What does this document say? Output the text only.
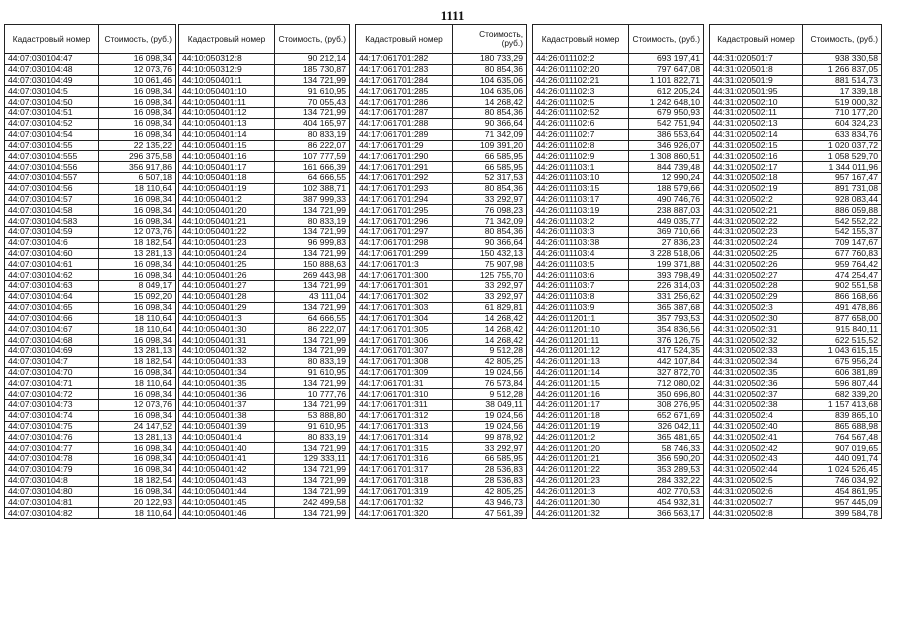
1111
Кадастровый номер	Стоимость, (руб.)
44:07:030104:47	16 098,34
44:07:030104:48	12 073,76
44:07:030104:49	10 061,46
44:07:030104:5	16 098,34
44:07:030104:50	16 098,34
44:07:030104:51	16 098,34
44:07:030104:52	16 098,34
44:07:030104:54	16 098,34
44:07:030104:55	22 135,22
44:07:030104:555	296 375,58
44:07:030104:556	356 917,86
44:07:030104:557	6 507,18
44:07:030104:56	18 110,64
44:07:030104:57	16 098,34
44:07:030104:58	16 098,34
44:07:030104:583	16 098,34
44:07:030104:59	12 073,76
44:07:030104:6	18 182,54
44:07:030104:60	13 281,13
44:07:030104:61	16 098,34
44:07:030104:62	16 098,34
44:07:030104:63	8 049,17
44:07:030104:64	15 092,20
44:07:030104:65	16 098,34
44:07:030104:66	18 110,64
44:07:030104:67	18 110,64
44:07:030104:68	16 098,34
44:07:030104:69	13 281,13
44:07:030104:7	18 182,54
44:07:030104:70	16 098,34
44:07:030104:71	18 110,64
44:07:030104:72	16 098,34
44:07:030104:73	12 073,76
44:07:030104:74	16 098,34
44:07:030104:75	24 147,52
44:07:030104:76	13 281,13
44:07:030104:77	16 098,34
44:07:030104:78	16 098,34
44:07:030104:79	16 098,34
44:07:030104:8	18 182,54
44:07:030104:80	16 098,34
44:07:030104:81	20 122,93
44:07:030104:82	18 110,64
Кадастровый номер	Стоимость, (руб.)
44:10:050312:8	90 212,14
44:10:050312:9	185 730,87
44:10:050401:1	134 721,99
44:10:050401:10	91 610,95
44:10:050401:11	70 055,43
44:10:050401:12	134 721,99
44:10:050401:13	404 165,97
44:10:050401:14	80 833,19
44:10:050401:15	86 222,07
44:10:050401:16	107 777,59
44:10:050401:17	161 666,39
44:10:050401:18	64 666,55
44:10:050401:19	102 388,71
44:10:050401:2	387 999,33
44:10:050401:20	134 721,99
44:10:050401:21	80 833,19
44:10:050401:22	134 721,99
44:10:050401:23	96 999,83
44:10:050401:24	134 721,99
44:10:050401:25	150 888,63
44:10:050401:26	269 443,98
44:10:050401:27	134 721,99
44:10:050401:28	43 111,04
44:10:050401:29	134 721,99
44:10:050401:3	64 666,55
44:10:050401:30	86 222,07
44:10:050401:31	134 721,99
44:10:050401:32	134 721,99
44:10:050401:33	80 833,19
44:10:050401:34	91 610,95
44:10:050401:35	134 721,99
44:10:050401:36	10 777,76
44:10:050401:37	134 721,99
44:10:050401:38	53 888,80
44:10:050401:39	91 610,95
44:10:050401:4	80 833,19
44:10:050401:40	134 721,99
44:10:050401:41	129 333,11
44:10:050401:42	134 721,99
44:10:050401:43	134 721,99
44:10:050401:44	134 721,99
44:10:050401:45	242 499,58
44:10:050401:46	134 721,99
Кадастровый номер	Стоимость, (руб.)
44:17:061701:282	180 733,29
44:17:061701:283	80 854,36
44:17:061701:284	104 635,06
44:17:061701:285	104 635,06
44:17:061701:286	14 268,42
44:17:061701:287	80 854,36
44:17:061701:288	90 366,64
44:17:061701:289	71 342,09
44:17:061701:29	109 391,20
44:17:061701:290	66 585,95
44:17:061701:291	66 585,95
44:17:061701:292	52 317,53
44:17:061701:293	80 854,36
44:17:061701:294	33 292,97
44:17:061701:295	76 098,23
44:17:061701:296	71 342,09
44:17:061701:297	80 854,36
44:17:061701:298	90 366,64
44:17:061701:299	150 432,13
44:17:061701:3	75 907,98
44:17:061701:300	125 755,70
44:17:061701:301	33 292,97
44:17:061701:302	33 292,97
44:17:061701:303	61 829,81
44:17:061701:304	14 268,42
44:17:061701:305	14 268,42
44:17:061701:306	14 268,42
44:17:061701:307	9 512,28
44:17:061701:308	42 805,25
44:17:061701:309	19 024,56
44:17:061701:31	76 573,84
44:17:061701:310	9 512,28
44:17:061701:311	38 049,11
44:17:061701:312	19 024,56
44:17:061701:313	19 024,56
44:17:061701:314	99 878,92
44:17:061701:315	33 292,97
44:17:061701:316	66 585,95
44:17:061701:317	28 536,83
44:17:061701:318	28 536,83
44:17:061701:319	42 805,25
44:17:061701:32	43 946,73
44:17:061701:320	47 561,39
Кадастровый номер	Стоимость, (руб.)
44:26:011102:2	693 197,41
44:26:011102:20	797 647,08
44:26:011102:21	1 101 822,71
44:26:011102:3	612 205,24
44:26:011102:5	1 242 648,10
44:26:011102:52	679 950,93
44:26:011102:6	542 751,94
44:26:011102:7	386 553,64
44:26:011102:8	346 926,07
44:26:011102:9	1 308 860,51
44:26:011103:1	844 739,48
44:26:011103:10	12 990,24
44:26:011103:15	188 579,66
44:26:011103:17	490 746,76
44:26:011103:19	238 887,03
44:26:011103:2	449 035,77
44:26:011103:3	369 710,66
44:26:011103:38	27 836,23
44:26:011103:4	3 228 518,06
44:26:011103:5	199 371,88
44:26:011103:6	393 798,49
44:26:011103:7	226 314,03
44:26:011103:8	331 256,62
44:26:011103:9	365 387,68
44:26:011201:1	357 793,53
44:26:011201:10	354 836,56
44:26:011201:11	376 126,75
44:26:011201:12	417 524,35
44:26:011201:13	442 107,84
44:26:011201:14	327 872,70
44:26:011201:15	712 080,02
44:26:011201:16	350 696,80
44:26:011201:17	308 276,95
44:26:011201:18	652 671,69
44:26:011201:19	326 042,11
44:26:011201:2	365 481,65
44:26:011201:20	58 746,33
44:26:011201:21	356 590,20
44:26:011201:22	353 289,53
44:26:011201:23	284 332,22
44:26:011201:3	402 770,53
44:26:011201:30	454 932,31
44:26:011201:32	366 563,17
Кадастровый номер	Стоимость, (руб.)
44:31:020501:7	938 330,58
44:31:020501:8	1 266 837,05
44:31:020501:9	881 514,73
44:31:020501:95	17 339,18
44:31:020502:10	519 000,32
44:31:020502:11	710 177,20
44:31:020502:13	604 324,23
44:31:020502:14	633 834,76
44:31:020502:15	1 020 037,72
44:31:020502:16	1 058 529,70
44:31:020502:17	1 344 011,96
44:31:020502:18	957 167,47
44:31:020502:19	891 731,08
44:31:020502:2	928 083,44
44:31:020502:21	886 059,88
44:31:020502:22	542 552,22
44:31:020502:23	542 155,37
44:31:020502:24	709 147,67
44:31:020502:25	677 760,83
44:31:020502:26	959 764,42
44:31:020502:27	474 254,47
44:31:020502:28	902 551,58
44:31:020502:29	866 168,66
44:31:020502:3	491 478,86
44:31:020502:30	877 658,00
44:31:020502:31	915 840,11
44:31:020502:32	622 515,52
44:31:020502:33	1 043 615,15
44:31:020502:34	675 956,24
44:31:020502:35	606 381,89
44:31:020502:36	596 807,44
44:31:020502:37	682 339,20
44:31:020502:38	1 157 413,68
44:31:020502:4	839 865,10
44:31:020502:40	865 688,98
44:31:020502:41	764 567,48
44:31:020502:42	907 019,65
44:31:020502:43	440 091,74
44:31:020502:44	1 024 526,45
44:31:020502:5	746 034,92
44:31:020502:6	454 861,95
44:31:020502:7	957 445,09
44:31:020502:8	399 584,78
